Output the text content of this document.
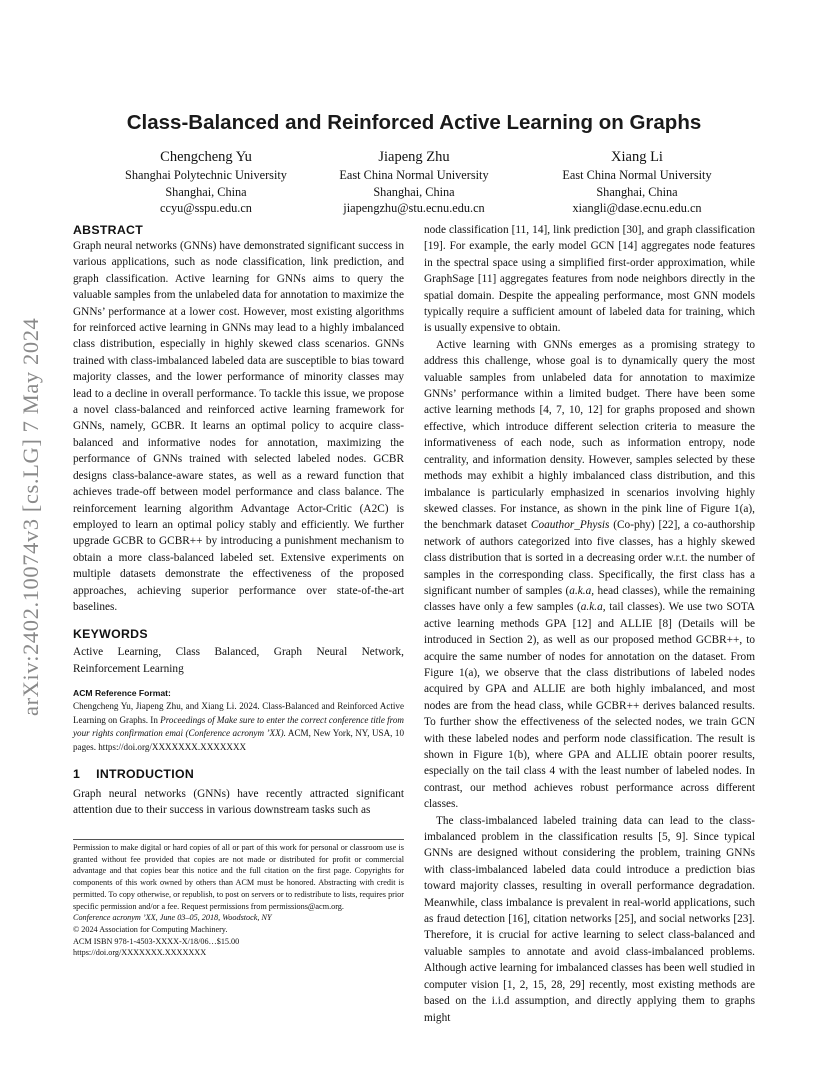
arXiv:2402.10074v3 [cs.LG] 7 May 2024
Class-Balanced and Reinforced Active Learning on Graphs
Chengcheng Yu
Shanghai Polytechnic University
Shanghai, China
ccyu@sspu.edu.cn
Jiapeng Zhu
East China Normal University
Shanghai, China
jiapengzhu@stu.ecnu.edu.cn
Xiang Li
East China Normal University
Shanghai, China
xiangli@dase.ecnu.edu.cn
ABSTRACT

Graph neural networks (GNNs) have demonstrated significant success in various applications, such as node classification, link prediction, and graph classification. Active learning for GNNs aims to query the valuable samples from the unlabeled data for annotation to maximize the GNNs’ performance at a lower cost. However, most existing algorithms for reinforced active learning in GNNs may lead to a highly imbalanced class distribution, especially in highly skewed class scenarios. GNNs trained with class-imbalanced labeled data are susceptible to bias toward majority classes, and the lower performance of minority classes may lead to a decline in overall performance. To tackle this issue, we propose a novel class-balanced and reinforced active learning framework for GNNs, namely, GCBR. It learns an optimal policy to acquire class-balanced and informative nodes for annotation, maximizing the performance of GNNs trained with selected labeled nodes. GCBR designs class-balance-aware states, as well as a reward function that achieves trade-off between model performance and class balance. The reinforcement learning algorithm Advantage Actor-Critic (A2C) is employed to learn an optimal policy stably and efficiently. We further upgrade GCBR to GCBR++ by introducing a punishment mechanism to obtain a more class-balanced labeled set. Extensive experiments on multiple datasets demonstrate the effectiveness of the proposed approaches, achieving superior performance over state-of-the-art baselines.

KEYWORDS

Active Learning, Class Balanced, Graph Neural Network, Reinforcement Learning

ACM Reference Format:

Chengcheng Yu, Jiapeng Zhu, and Xiang Li. 2024. Class-Balanced and Reinforced Active Learning on Graphs. In Proceedings of Make sure to enter the correct conference title from your rights confirmation emai (Conference acronym ’XX). ACM, New York, NY, USA, 10 pages. https://doi.org/XXXXXXX.XXXXXXX

1 INTRODUCTION

Graph neural networks (GNNs) have recently attracted significant attention due to their success in various downstream tasks such as

Permission to make digital or hard copies of all or part of this work for personal or classroom use is granted without fee provided that copies are not made or distributed for profit or commercial advantage and that copies bear this notice and the full citation on the first page. Copyrights for components of this work owned by others than ACM must be honored. Abstracting with credit is permitted. To copy otherwise, or republish, to post on servers or to redistribute to lists, requires prior specific permission and/or a fee. Request permissions from permissions@acm.org.
Conference acronym ’XX, June 03–05, 2018, Woodstock, NY
© 2024 Association for Computing Machinery.
ACM ISBN 978-1-4503-XXXX-X/18/06…$15.00
https://doi.org/XXXXXXX.XXXXXXX

node classification [11, 14], link prediction [30], and graph classification [19]. For example, the early model GCN [14] aggregates node features in the spectral space using a simplified first-order approximation, while GraphSage [11] aggregates features from node neighbors directly in the spatial domain. Despite the appealing performance, most GNN models typically require a sufficient amount of labeled data for training, which is usually expensive to obtain.

Active learning with GNNs emerges as a promising strategy to address this challenge, whose goal is to dynamically query the most valuable samples from unlabeled data for annotation to maximize GNNs’ performance within a limited budget. There have been some active learning methods [4, 7, 10, 12] for graphs proposed and shown effective, which introduce different selection criteria to measure the informativeness of each node, such as information entropy, node centrality, and information density. However, samples selected by these methods may exhibit a highly imbalanced class distribution, and this imbalance is particularly emphasized in scenarios involving highly skewed classes. For instance, as shown in the pink line of Figure 1(a), the benchmark dataset Coauthor_Physis (Co-phy) [22], a co-authorship network of authors categorized into five classes, has a highly skewed class distribution that is sorted in a decreasing order w.r.t. the number of samples in the corresponding class. Specifically, the first class has a significant number of samples (a.k.a, head classes), while the remaining classes have only a few samples (a.k.a, tail classes). We use two SOTA active learning methods GPA [12] and ALLIE [8] (Details will be introduced in Section 2), as well as our proposed method GCBR++, to acquire the same number of nodes for annotation on the dataset. From Figure 1(a), we observe that the class distributions of labeled nodes acquired by GPA and ALLIE are both highly imbalanced, and most nodes are from the head class, while GCBR++ derives balanced results. To further show the effectiveness of the selected nodes, we train GCN with these labeled nodes and perform node classification. The result is shown in Figure 1(b), where GPA and ALLIE obtain poorer results, especially on the tail class 4 with the least number of labeled nodes. In contrast, our method achieves robust performance across different classes.

The class-imbalanced labeled training data can lead to the class-imbalanced problem in the classification results [5, 9]. Since typical GNNs are designed without considering the problem, training GNNs with class-imbalanced labeled data could introduce a prediction bias toward majority classes, resulting in overall performance degradation. Meanwhile, class imbalance is prevalent in real-world applications, such as fraud detection [16], citation networks [25], and social networks [23]. Therefore, it is crucial for active learning to select class-balanced and valuable samples to annotate and avoid class-imbalanced problems. Although active learning for imbalanced classes has been well studied in computer vision [1, 2, 15, 28, 29] recently, most existing methods are based on the i.i.d assumption, and directly applying them to graphs might
